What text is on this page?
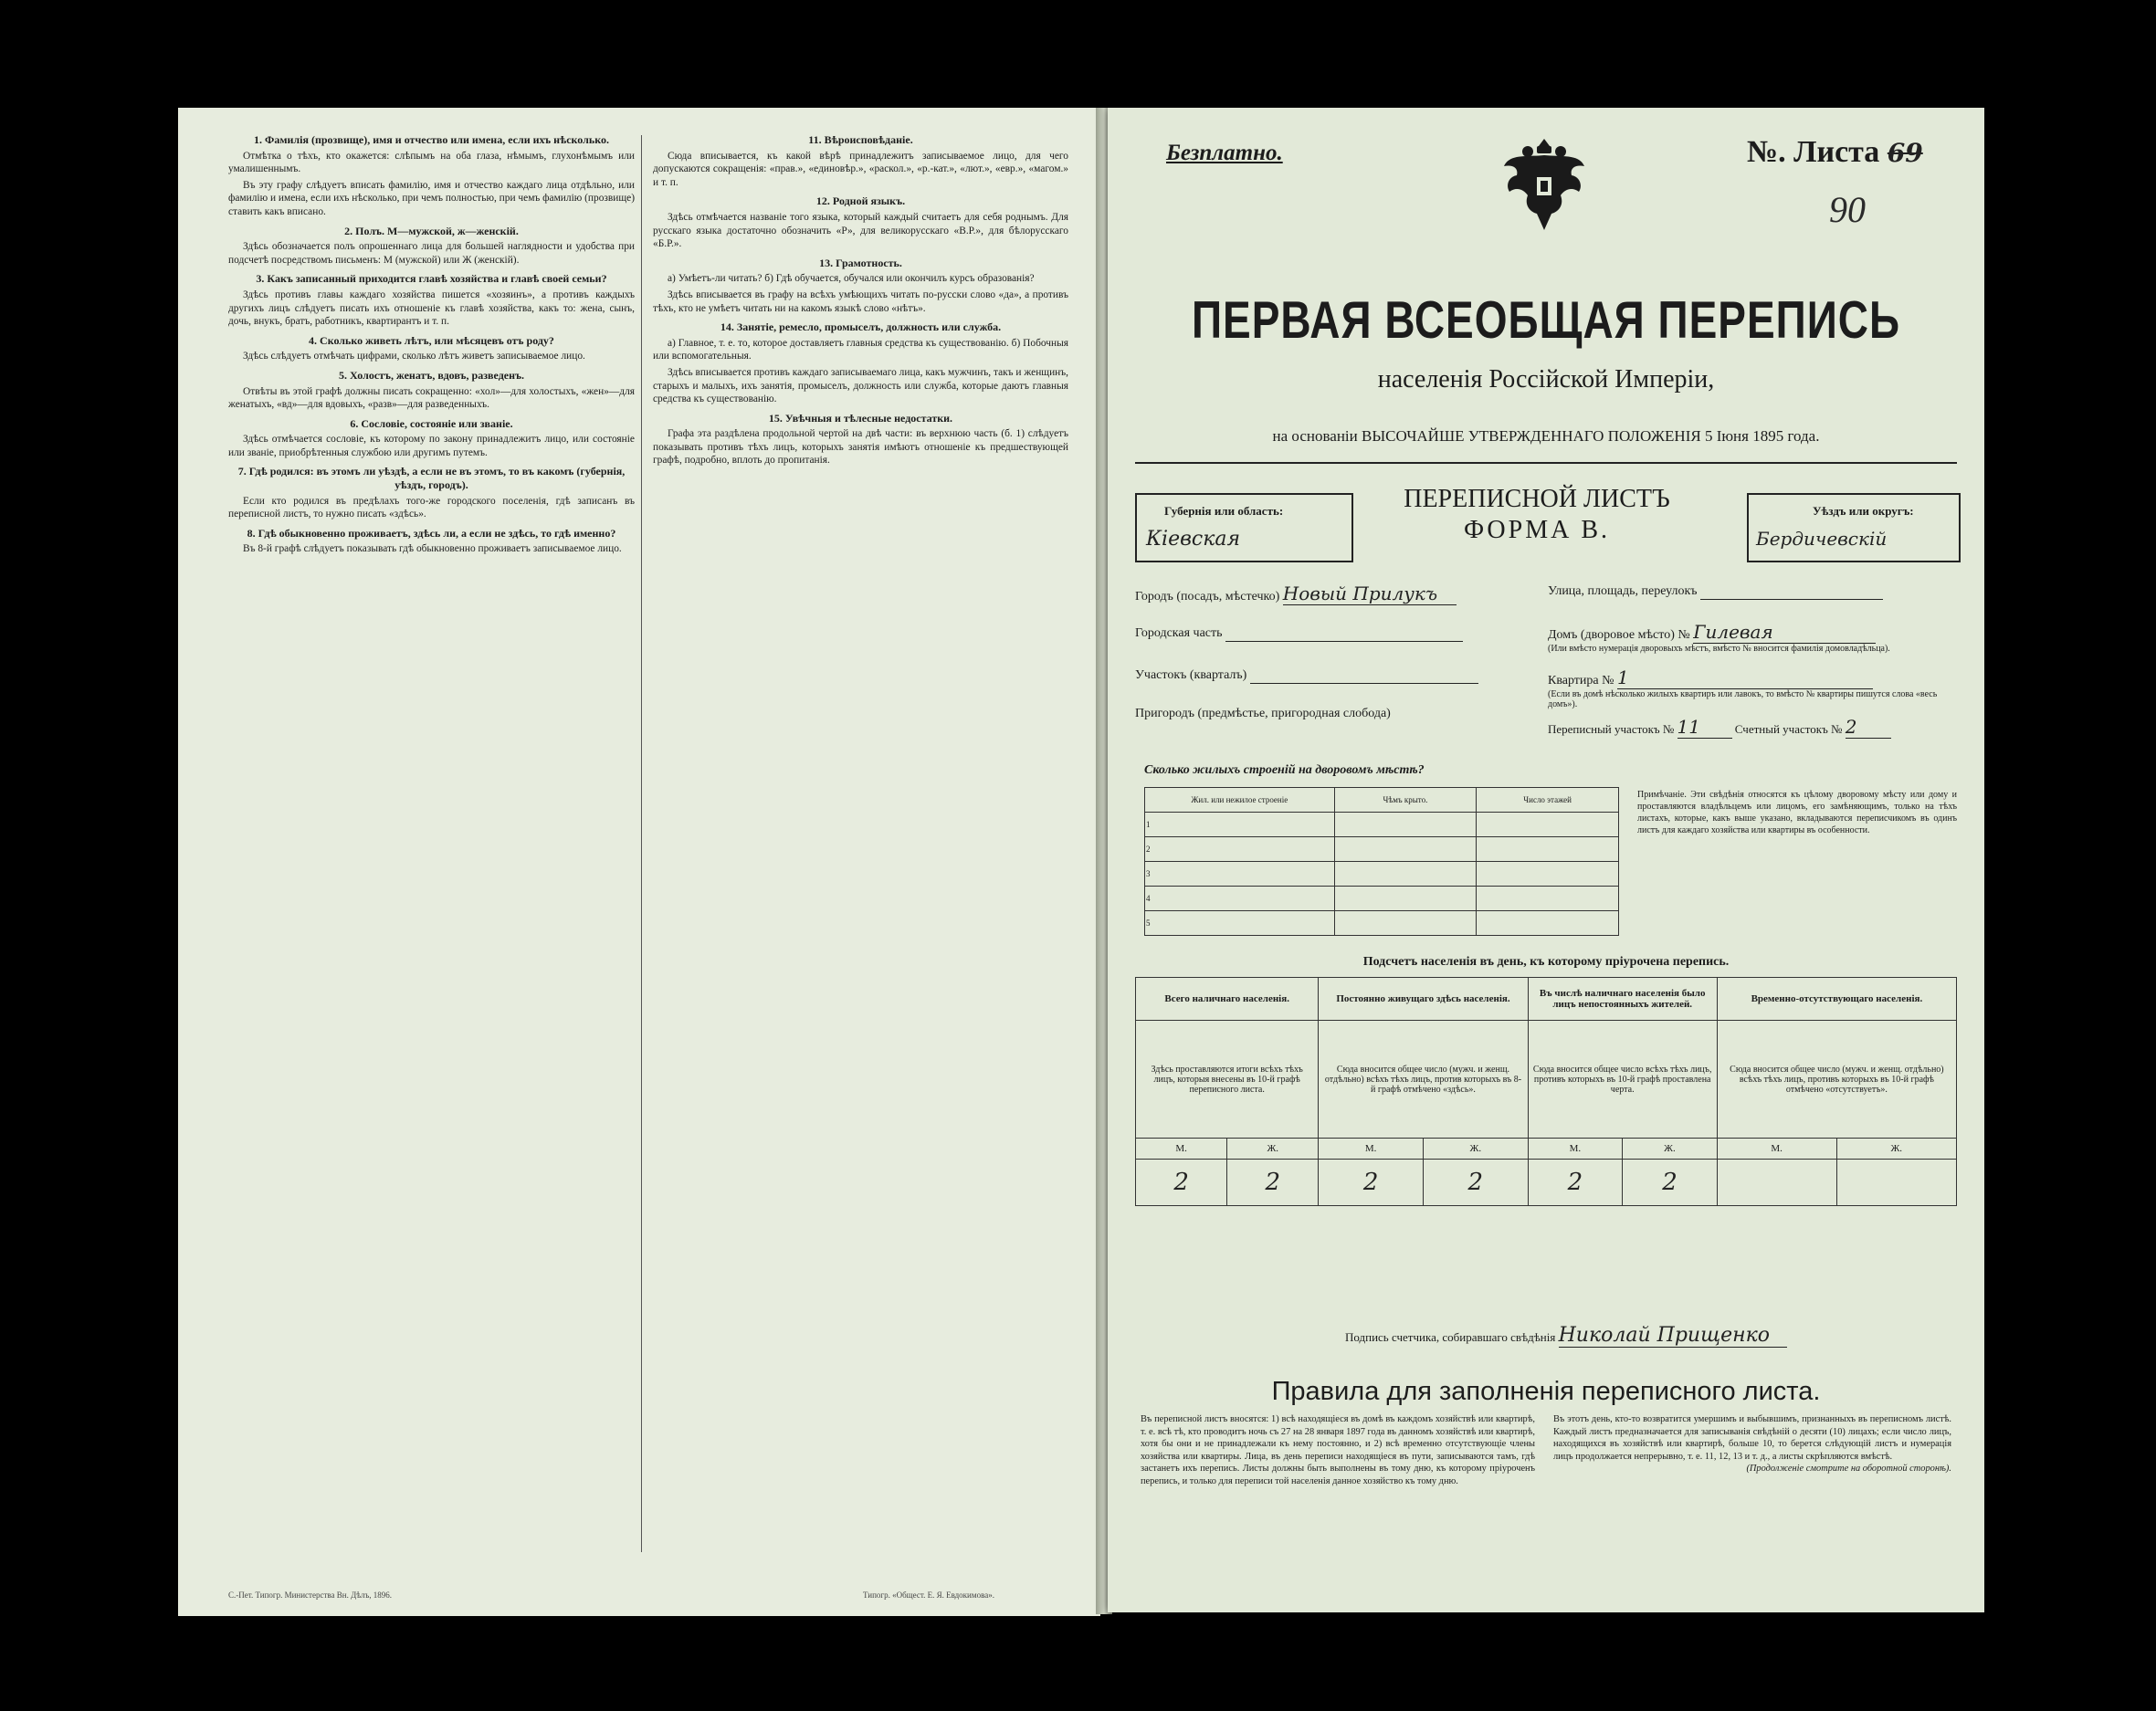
1. Фамилія (прозвище), имя и отчество или имена, если ихъ нѣсколько.

Отмѣтка о тѣхъ, кто окажется: слѣпымъ на оба глаза, нѣмымъ, глухонѣмымъ или умалишеннымъ.

Въ эту графу слѣдуетъ вписать фамилію, имя и отчество каждаго лица отдѣльно, или фамилію и имена, если ихъ нѣсколько, при чемъ полностью, при чемъ фамилію (прозвище) ставить какъ вписано.

2. Полъ. М—мужской, ж—женскій.

Здѣсь обозначается полъ опрошеннаго лица для большей наглядности и удобства при подсчетѣ посредствомъ письменъ: М (мужской) или Ж (женскій).

3. Какъ записанный приходится главѣ хозяйства и главѣ своей семьи?

Здѣсь противъ главы каждаго хозяйства пишется «хозяинъ», а противъ каждыхъ другихъ лицъ слѣдуетъ писать ихъ отношеніе къ главѣ хозяйства, какъ то: жена, сынъ, дочь, внукъ, братъ, работникъ, квартирантъ и т. п.

4. Сколько живеть лѣтъ, или мѣсяцевъ отъ роду?

Здѣсь слѣдуетъ отмѣчать цифрами, сколько лѣтъ живетъ записываемое лицо.

5. Холостъ, женатъ, вдовъ, разведенъ.

Отвѣты въ этой графѣ должны писать сокращенно: «хол»—для холостыхъ, «жен»—для женатыхъ, «вд»—для вдовыхъ, «разв»—для разведенныхъ.

6. Сословіе, состояніе или званіе.

Здѣсь отмѣчается сословіе, къ которому по закону принадлежитъ лицо, или состояніе или званіе, приобрѣтенныя службою или другимъ путемъ.

7. Гдѣ родился: въ этомъ ли уѣздѣ, а если не въ этомъ, то въ какомъ (губернія, уѣздъ, городъ).

Если кто родился въ предѣлахъ того-же городского поселенія, гдѣ записанъ въ переписной листъ, то нужно писать «здѣсь».

8. Гдѣ обыкновенно проживаетъ, здѣсь ли, а если не здѣсь, то гдѣ именно?

Въ 8-й графѣ слѣдуетъ показывать гдѣ обыкновенно проживаетъ записываемое лицо.

11. Вѣроисповѣданіе.

Сюда вписывается, къ какой вѣрѣ принадлежитъ записываемое лицо, для чего допускаются сокращенія: «прав.», «единовѣр.», «раскол.», «р.-кат.», «лют.», «евр.», «магом.» и т. п.

12. Родной языкъ.

Здѣсь отмѣчается названіе того языка, который каждый считаетъ для себя роднымъ. Для русскаго языка достаточно обозначить «Р», для великорусскаго «В.Р.», для бѣлорусскаго «Б.Р.».

13. Грамотность.

а) Умѣетъ-ли читать? б) Гдѣ обучается, обучался или окончилъ курсъ образованія?

Здѣсь вписывается въ графу на всѣхъ умѣющихъ читать по-русски слово «да», а противъ тѣхъ, кто не умѣетъ читать ни на какомъ языкѣ слово «нѣтъ».

14. Занятіе, ремесло, промыселъ, должность или служба.

а) Главное, т. е. то, которое доставляетъ главныя средства къ существованію. б) Побочныя или вспомогательныя.

Здѣсь вписывается противъ каждаго записываемаго лица, какъ мужчинъ, такъ и женщинъ, старыхъ и малыхъ, ихъ занятія, промыселъ, должность или служба, которые даютъ главныя средства къ существованію.

15. Увѣчныя и тѣлесные недостатки.

Графа эта раздѣлена продольной чертой на двѣ части: въ верхнюю часть (б. 1) слѣдуетъ показывать противъ тѣхъ лицъ, которыхъ занятія имѣютъ отношеніе къ предшествующей графѣ, подробно, вплоть до пропитанія.

С.-Пет. Типогр. Министерства Вн. Дѣлъ, 1896.	Типогр. «Общест. Е. Я. Евдокимова».
Безплатно.	№. Листа 69
90
ПЕРВАЯ ВСЕОБЩАЯ ПЕРЕПИСЬ
населенія Россійской Имперіи,
на основаніи ВЫСОЧАЙШЕ УТВЕРЖДЕННАГО ПОЛОЖЕНІЯ 5 Іюня 1895 года.
Губернія или область:
Кіевская
ПЕРЕПИСНОЙ ЛИСТЪ
ФОРМА В.
Уѣздъ или округъ:
Бердичевскій
Городъ (посадъ, мѣстечко) Новый Прилукъ
Городская часть
Участокъ (кварталъ)
Пригородъ (предмѣстье, пригородная слобода)
Улица, площадь, переулокъ
Домъ (дворовое мѣсто) № Гилевая
(Или вмѣсто нумерація дворовыхъ мѣстъ, вмѣсто № вносится фамилія домовладѣльца).
Квартира № 1
(Если въ домѣ нѣсколько жилыхъ квартиръ или лавокъ, то вмѣсто № квартиры пишутся слова «весь домъ»).
Переписный участокъ № 11	Счетный участокъ № 2
Сколько жилыхъ строеній на дворовомъ мѣстѣ?
Жил. или нежилое строеніе	Чѣмъ крыто.	Число этажей
1		
2		
3		
4		
5		
Примѣчаніе. Эти свѣдѣнія относятся къ цѣлому дворовому мѣсту или дому и проставляются владѣльцемъ или лицомъ, его замѣняющимъ, только на тѣхъ листахъ, которые, какъ выше указано, вкладываются переписчикомъ въ одинъ листъ для каждаго хозяйства или квартиры въ особенности.
Подсчетъ населенія въ день, къ которому пріурочена перепись.
Всего наличнаго населенія.		Постоянно живущаго здѣсь населенія.		Въ числѣ наличнаго населенія было лицъ непостоянныхъ жителей.		Временно-отсутствующаго населенія.	
Здѣсь проставляются итоги всѣхъ тѣхъ лицъ, которыя внесены въ 10-й графѣ переписного листа.		Сюда вносится общее число (мужч. и женщ. отдѣльно) всѣхъ тѣхъ лицъ, против которыхъ въ 8-й графѣ отмѣчено «здѣсь».		Сюда вносится общее число всѣхъ тѣхъ лицъ, противъ которыхъ въ 10-й графѣ проставлена черта.		Сюда вносится общее число (мужч. и женщ. отдѣльно) всѣхъ тѣхъ лицъ, противъ которыхъ въ 10-й графѣ отмѣчено «отсутствуетъ».	
М.	Ж.	М.	Ж.	М.	Ж.	М.	Ж.
2	2	2	2	2	2		
Подпись счетчика, собиравшаго свѣдѣнія Николай Прищенко
Правила для заполненія переписного листа.
Въ переписной листъ вносятся: 1) всѣ находящіеся въ домѣ въ каждомъ хозяйствѣ или квартирѣ, т. е. всѣ тѣ, кто проводитъ ночь съ 27 на 28 января 1897 года въ данномъ хозяйствѣ или квартирѣ, хотя бы они и не принадлежали къ нему постоянно, и 2) всѣ временно отсутствующіе члены хозяйства или квартиры. Лица, въ день переписи находящіеся въ пути, записываются тамъ, гдѣ застанетъ ихъ перепись. Листы должны быть выполнены въ тому дню, къ которому пріуроченъ перепись, и только для переписи той населенія данное хозяйство къ тому дню.
Въ этотъ день, кто-то возвратится умершимъ и выбывшимъ, признанныхъ въ переписномъ листѣ. Каждый листъ предназначается для записыванія свѣдѣній о десяти (10) лицахъ; если число лицъ, находящихся въ хозяйствѣ или квартирѣ, больше 10, то берется слѣдующій листъ и нумерація лицъ продолжается непрерывно, т. е. 11, 12, 13 и т. д., а листы скрѣпляются вмѣстѣ.
(Продолженіе смотрите на оборотной сторонѣ).
